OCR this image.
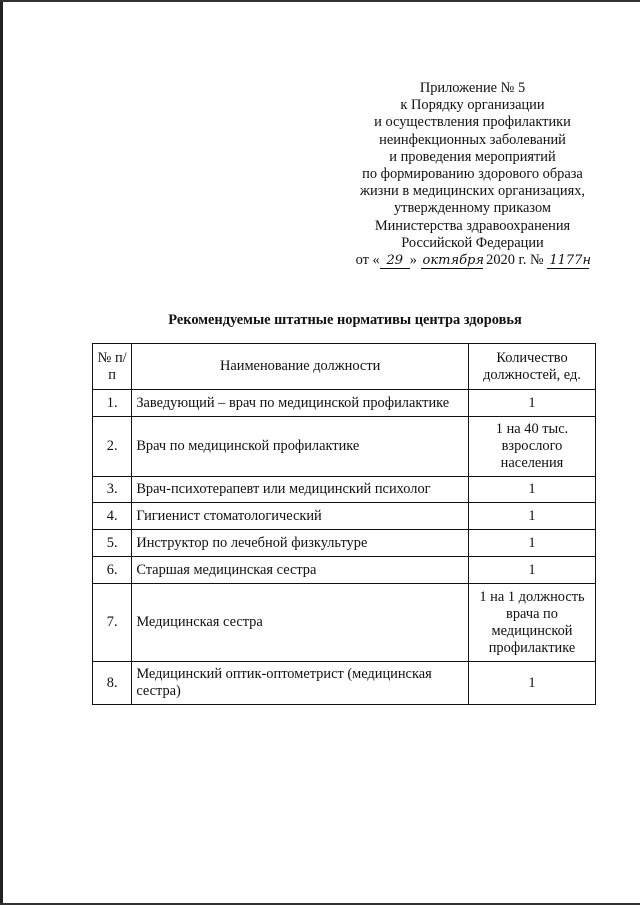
Приложение № 5
к Порядку организации
и осуществления профилактики
неинфекционных заболеваний
и проведения мероприятий
по формированию здорового образа
жизни в медицинских организациях,
утвержденному приказом
Министерства здравоохранения
Российской Федерации
от « 29 » октября 2020 г. № 1177н
Рекомендуемые штатные нормативы центра здоровья
№ п/п	Наименование должности	Количество должностей, ед.
1.	Заведующий – врач по медицинской профилактике	1
2.	Врач по медицинской профилактике	1 на 40 тыс. взрослого населения
3.	Врач-психотерапевт или медицинский психолог	1
4.	Гигиенист стоматологический	1
5.	Инструктор по лечебной физкультуре	1
6.	Старшая медицинская сестра	1
7.	Медицинская сестра	1 на 1 должность врача по медицинской профилактике
8.	Медицинский оптик-оптометрист (медицинская сестра)	1
